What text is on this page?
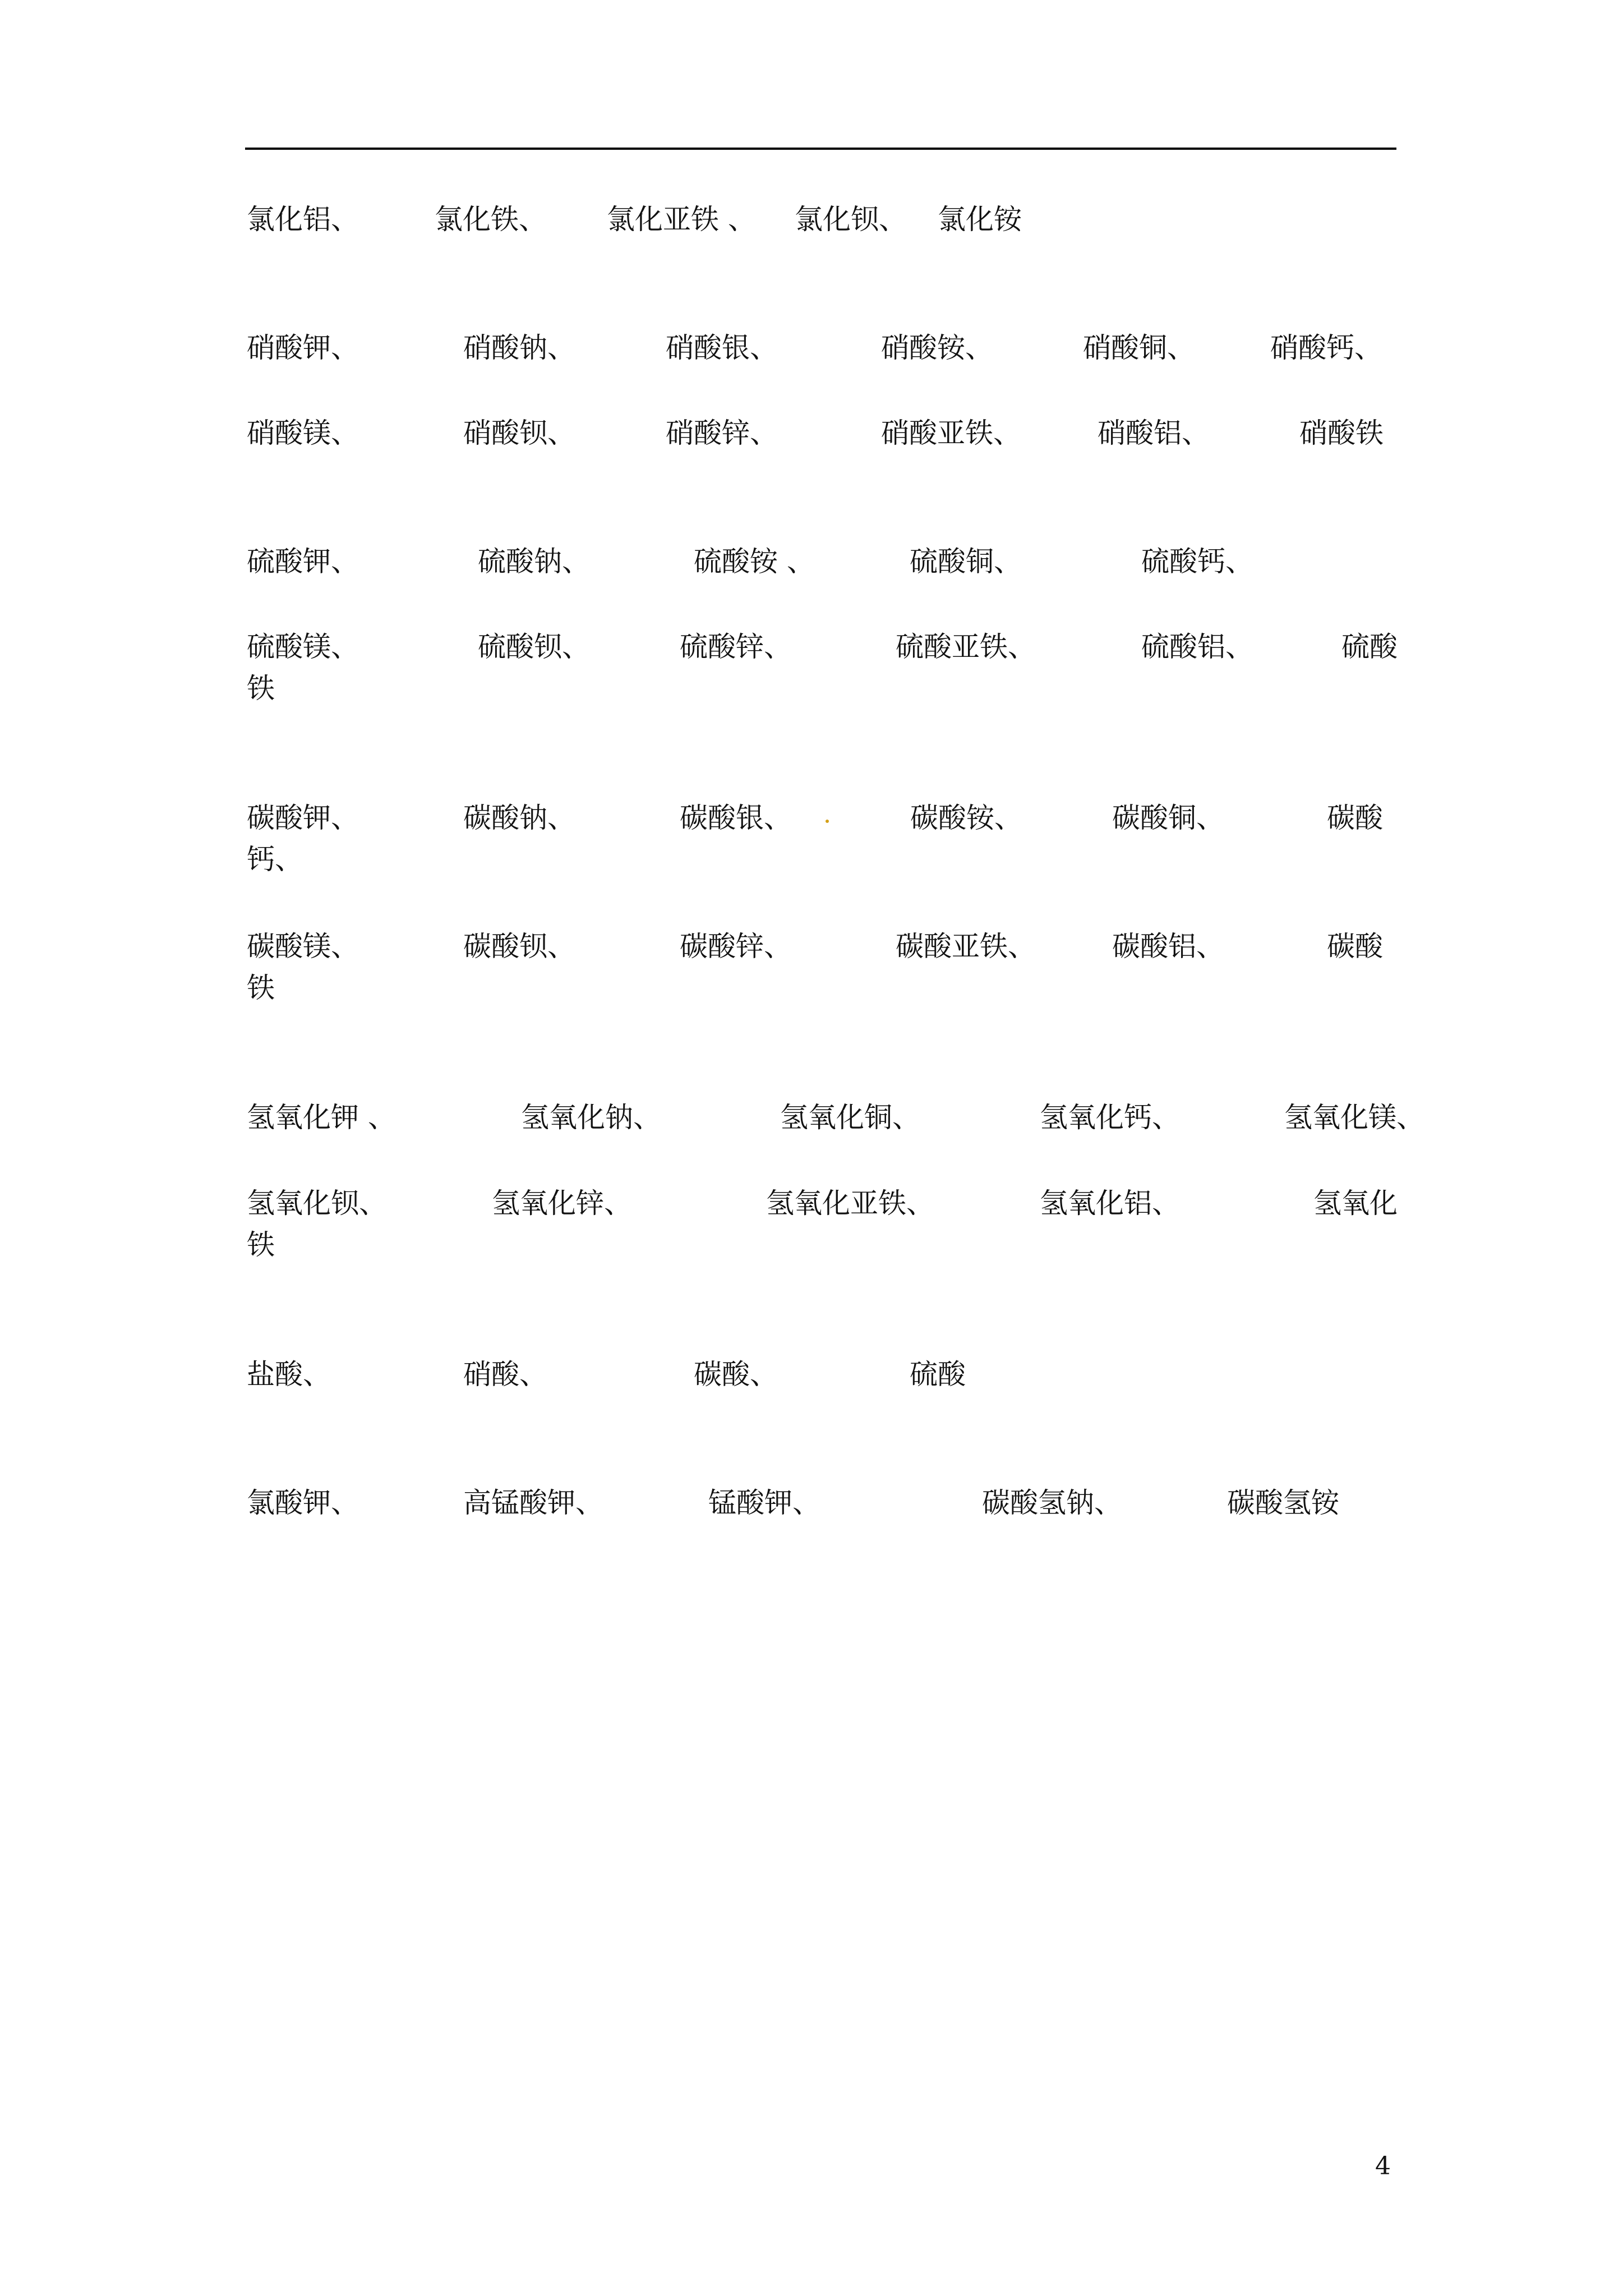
氯化铝、	氯化铁、 氯化亚铁 、 氯化钡、 氯化铵
硝酸钾、	硝酸钠、	硝酸银、	硝酸铵、	硝酸铜、	硝酸钙、
硝酸镁、	硝酸钡、	硝酸锌、	硝酸亚铁、	硝酸铝、	硝酸铁
硫酸钾、	硫酸钠、	硫酸铵 、	硫酸铜、	硫酸钙、
硫酸镁、	硫酸钡、	硫酸锌、	硫酸亚铁、	硫酸铝、	硫酸
铁
碳酸钾、	碳酸钠、	碳酸银、	碳酸铵、	碳酸铜、	碳酸
钙、
碳酸镁、	碳酸钡、	碳酸锌、	碳酸亚铁、	碳酸铝、	碳酸
铁
氢氧化钾 、	氢氧化钠、	氢氧化铜、	氢氧化钙、	氢氧化镁、
氢氧化钡、	氢氧化锌、	氢氧化亚铁、	氢氧化铝、	氢氧化
铁
盐酸、	硝酸、	碳酸、	硫酸
氯酸钾、	高锰酸钾、	锰酸钾、	碳酸氢钠、	碳酸氢铵
4
